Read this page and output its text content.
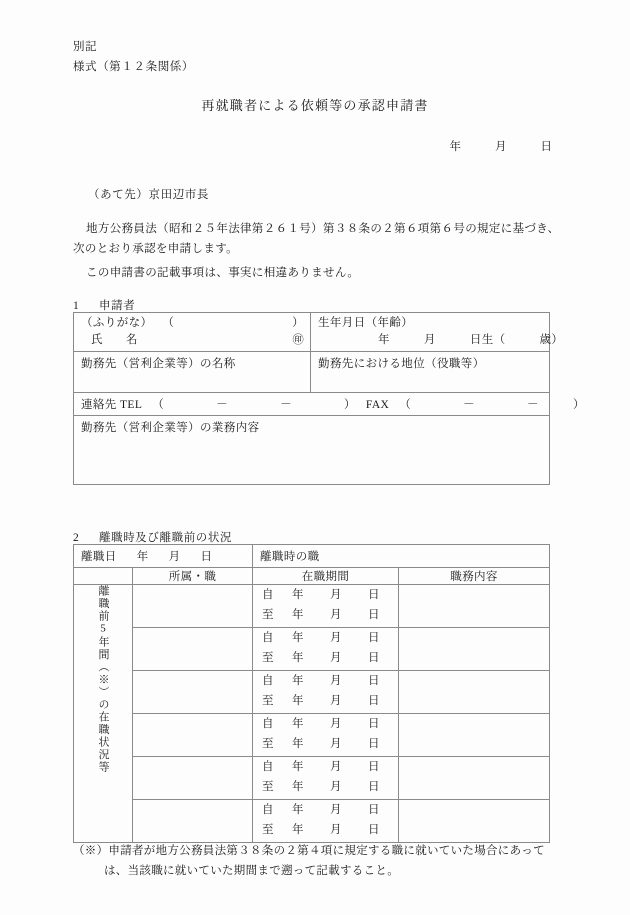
別記
様式（第１２条関係）
再就職者による依頼等の承認申請書
年	月	日
（あて先）京田辺市長
地方公務員法（昭和２５年法律第２６１号）第３８条の２第６項第６号の規定に基づき、
次のとおり承認を申請します。
この申請書の記載事項は、事実に相違ありません。
1 申請者
（ふりがな） （ ）
氏　名 ㊞	生年月日（年齢）
年 月 日生（ 歳）

勤務先（営利企業等）の名称	勤務先における地位（役職等）

連絡先 TEL （ － － ） FAX （ － － ）	

勤務先（営利企業等）の業務内容	
2 離職時及び離職前の状況
離職日 年 月 日		離職時の職	

	所属・職	在職期間	職務内容
離職前5年間（※）の在職状況等		自 年 月 日
至 年 月 日	

		自 年 月 日
至 年 月 日	

		自 年 月 日
至 年 月 日	

		自 年 月 日
至 年 月 日	

		自 年 月 日
至 年 月 日	

		自 年 月 日
至 年 月 日	

（※）申請者が地方公務員法第３８条の２第４項に規定する職に就いていた場合にあって
は、当該職に就いていた期間まで遡って記載すること。
